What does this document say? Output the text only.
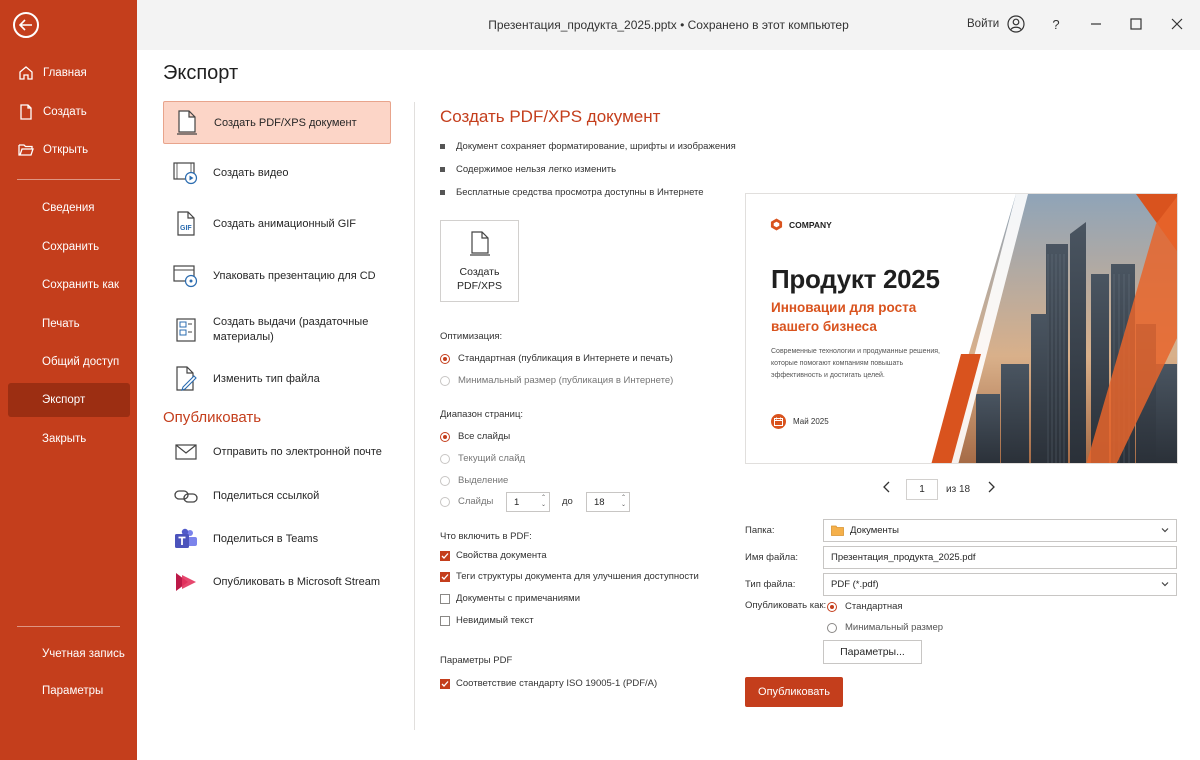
Главная
Создать
Открыть
Сведения
Сохранить
Сохранить как
Печать
Общий доступ
Экспорт
Закрыть
Учетная запись
Параметры
Презентация_продукта_2025.pptx • Сохранено в этот компьютер	Войти	?
Экспорт
Создать PDF/XPS документ
Создать видео
GIF Создать анимационный GIF
Упаковать презентацию для CD
Создать выдачи (раздаточные материалы)
Изменить тип файла
Опубликовать
Отправить по электронной почте
Поделиться ссылкой
Поделиться в Teams
Опубликовать в Microsoft Stream
Создать PDF/XPS документ
Документ сохраняет форматирование, шрифты и изображения
Содержимое нельзя легко изменить
Бесплатные средства просмотра доступны в Интернете
Создать PDF/XPS
Оптимизация:
Стандартная (публикация в Интернете и печать)
Минимальный размер (публикация в Интернете)
Диапазон страниц:
Все слайды
Текущий слайд
Выделение
Слайды 1	⌃
⌄ до 18	⌃
⌄
Что включить в PDF:
Свойства документа
Теги структуры документа для улучшения доступности
Документы с примечаниями
Невидимый текст
Параметры PDF
Соответствие стандарту ISO 19005-1 (PDF/A)
COMPANY
Продукт 2025
Инновации для роста вашего бизнеса
Современные технологии и продуманные решения, которые помогают компаниям повышать эффективность и достигать целей.
Май 2025
1	из 18
Папка:	Документы
Имя файла:	Презентация_продукта_2025.pdf
Тип файла:	PDF (*.pdf)
Опубликовать как: Стандартная
Минимальный размер
Параметры...
Опубликовать
